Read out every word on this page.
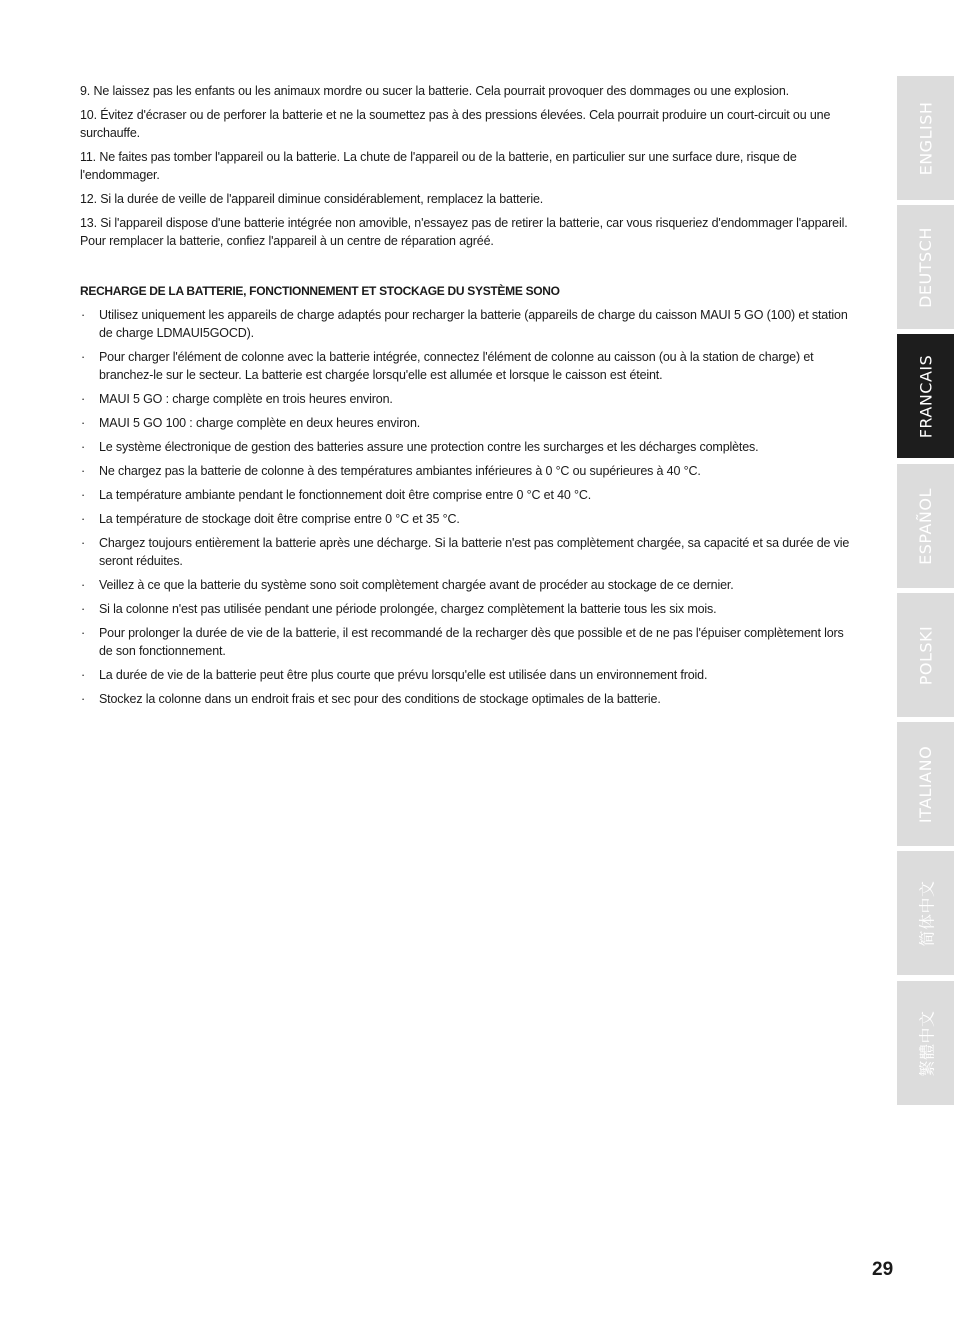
9. Ne laissez pas les enfants ou les animaux mordre ou sucer la batterie. Cela pourrait provoquer des dommages ou une explosion.

10. Évitez d'écraser ou de perforer la batterie et ne la soumettez pas à des pressions élevées. Cela pourrait produire un court-circuit ou une surchauffe.

11. Ne faites pas tomber l'appareil ou la batterie. La chute de l'appareil ou de la batterie, en particulier sur une surface dure, risque de l'endommager.

12. Si la durée de veille de l'appareil diminue considérablement, remplacez la batterie.

13. Si l'appareil dispose d'une batterie intégrée non amovible, n'essayez pas de retirer la batterie, car vous risqueriez d'endommager l'appareil. Pour remplacer la batterie, confiez l'appareil à un centre de réparation agréé.

RECHARGE DE LA BATTERIE, FONCTIONNEMENT ET STOCKAGE DU SYSTÈME SONO
· Utilisez uniquement les appareils de charge adaptés pour recharger la batterie (appareils de charge du caisson MAUI 5 GO (100) et station de charge LDMAUI5GOCD).
· Pour charger l'élément de colonne avec la batterie intégrée, connectez l'élément de colonne au caisson (ou à la station de charge) et branchez-le sur le secteur. La batterie est chargée lorsqu'elle est allumée et lorsque le caisson est éteint.
· MAUI 5 GO : charge complète en trois heures environ.
· MAUI 5 GO 100 : charge complète en deux heures environ.
· Le système électronique de gestion des batteries assure une protection contre les surcharges et les décharges complètes.
· Ne chargez pas la batterie de colonne à des températures ambiantes inférieures à 0 °C ou supérieures à 40 °C.
· La température ambiante pendant le fonctionnement doit être comprise entre 0 °C et 40 °C.
· La température de stockage doit être comprise entre 0 °C et 35 °C.
· Chargez toujours entièrement la batterie après une décharge. Si la batterie n'est pas complètement chargée, sa capacité et sa durée de vie seront réduites.
· Veillez à ce que la batterie du système sono soit complètement chargée avant de procéder au stockage de ce dernier.
· Si la colonne n'est pas utilisée pendant une période prolongée, chargez complètement la batterie tous les six mois.
· Pour prolonger la durée de vie de la batterie, il est recommandé de la recharger dès que possible et de ne pas l'épuiser complètement lors de son fonctionnement.
· La durée de vie de la batterie peut être plus courte que prévu lorsqu'elle est utilisée dans un environnement froid.
· Stockez la colonne dans un endroit frais et sec pour des conditions de stockage optimales de la batterie.
ENGLISH
DEUTSCH
FRANCAIS
ESPAÑOL
POLSKI
ITALIANO
简体中文
繁體中文
29
